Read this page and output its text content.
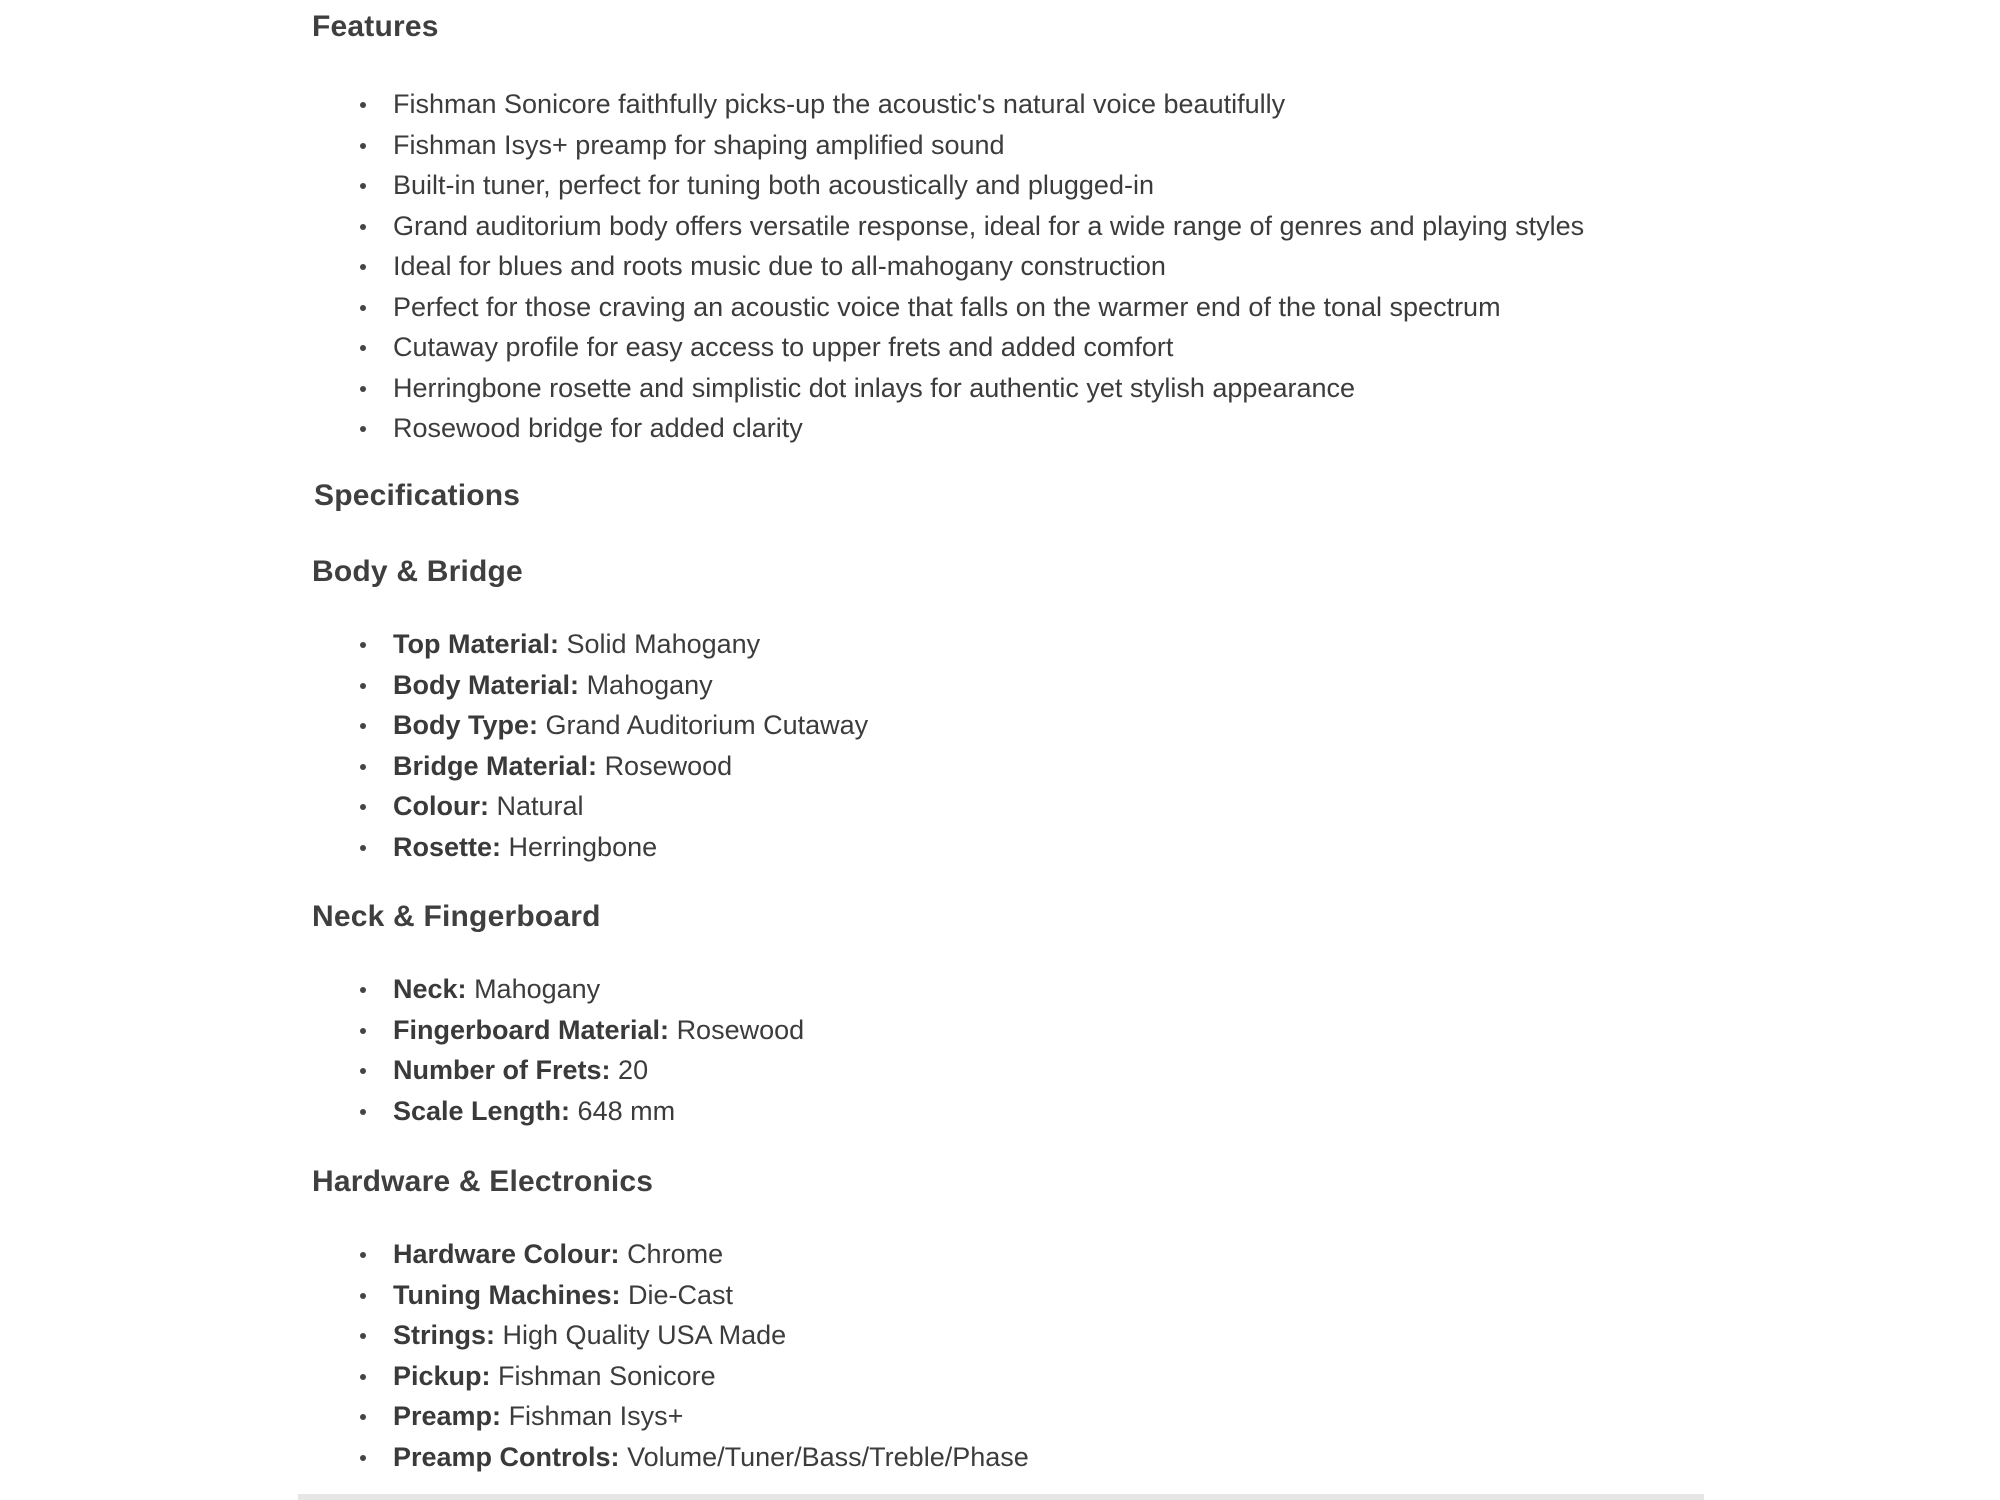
Features
Fishman Sonicore faithfully picks-up the acoustic's natural voice beautifully
Fishman Isys+ preamp for shaping amplified sound
Built-in tuner, perfect for tuning both acoustically and plugged-in
Grand auditorium body offers versatile response, ideal for a wide range of genres and playing styles
Ideal for blues and roots music due to all-mahogany construction
Perfect for those craving an acoustic voice that falls on the warmer end of the tonal spectrum
Cutaway profile for easy access to upper frets and added comfort
Herringbone rosette and simplistic dot inlays for authentic yet stylish appearance
Rosewood bridge for added clarity
Specifications
Body & Bridge
Top Material: Solid Mahogany
Body Material: Mahogany
Body Type: Grand Auditorium Cutaway
Bridge Material: Rosewood
Colour: Natural
Rosette: Herringbone
Neck & Fingerboard
Neck: Mahogany
Fingerboard Material: Rosewood
Number of Frets: 20
Scale Length: 648 mm
Hardware & Electronics
Hardware Colour: Chrome
Tuning Machines: Die-Cast
Strings: High Quality USA Made
Pickup: Fishman Sonicore
Preamp: Fishman Isys+
Preamp Controls: Volume/Tuner/Bass/Treble/Phase
